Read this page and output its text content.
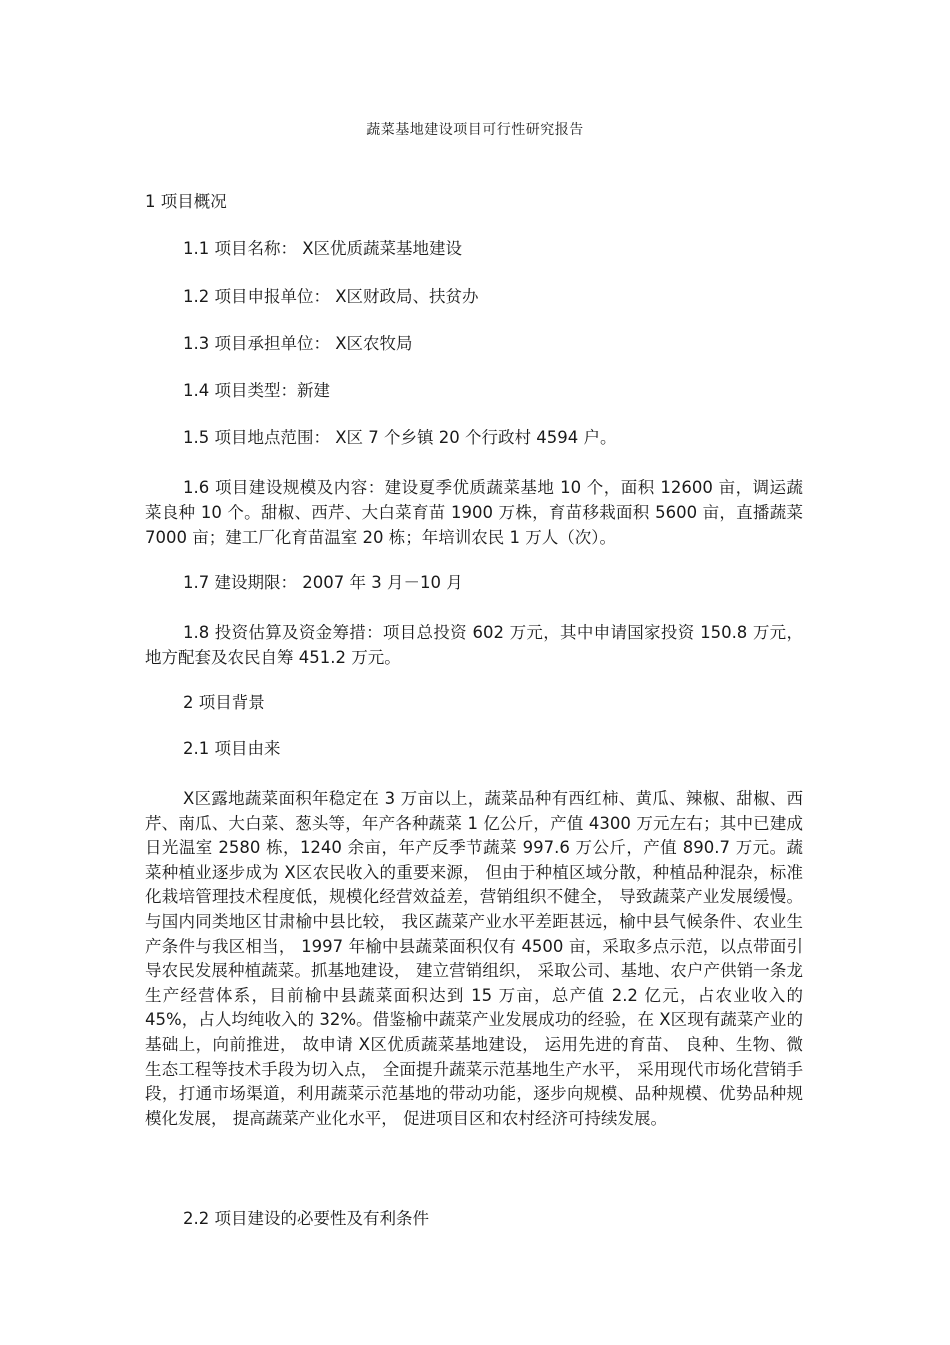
蔬菜基地建设项目可行性研究报告
1 项目概况
1.1 项目名称： X区优质蔬菜基地建设
1.2 项目申报单位： X区财政局、扶贫办
1.3 项目承担单位： X区农牧局
1.4 项目类型：新建
1.5 项目地点范围： X区 7 个乡镇 20 个行政村 4594 户。
1.6 项目建设规模及内容：建设夏季优质蔬菜基地 10 个，面积 12600 亩，调运蔬菜良种 10 个。甜椒、西芹、大白菜育苗 1900 万株，育苗移栽面积 5600 亩，直播蔬菜 7000 亩；建工厂化育苗温室 20 栋；年培训农民 1 万人（次）。
1.7 建设期限： 2007 年 3 月－10 月
1.8 投资估算及资金筹措：项目总投资 602 万元，其中申请国家投资 150.8 万元，地方配套及农民自筹 451.2 万元。
2 项目背景
2.1 项目由来
X区露地蔬菜面积年稳定在 3 万亩以上，蔬菜品种有西红柿、黄瓜、辣椒、甜椒、西芹、南瓜、大白菜、葱头等，年产各种蔬菜 1 亿公斤，产值 4300 万元左右；其中已建成日光温室 2580 栋，1240 余亩，年产反季节蔬菜 997.6 万公斤，产值 890.7 万元。蔬菜种植业逐步成为 X区农民收入的重要来源， 但由于种植区域分散，种植品种混杂，标准化栽培管理技术程度低，规模化经营效益差，营销组织不健全， 导致蔬菜产业发展缓慢。 与国内同类地区甘肃榆中县比较， 我区蔬菜产业水平差距甚远，榆中县气候条件、农业生产条件与我区相当， 1997 年榆中县蔬菜面积仅有 4500 亩，采取多点示范，以点带面引导农民发展种植蔬菜。抓基地建设， 建立营销组织， 采取公司、基地、农户产供销一条龙生产经营体系，目前榆中县蔬菜面积达到 15 万亩，总产值 2.2 亿元，占农业收入的 45%，占人均纯收入的 32%。借鉴榆中蔬菜产业发展成功的经验，在 X区现有蔬菜产业的基础上，向前推进， 故申请 X区优质蔬菜基地建设， 运用先进的育苗、 良种、生物、微生态工程等技术手段为切入点， 全面提升蔬菜示范基地生产水平， 采用现代市场化营销手段，打通市场渠道，利用蔬菜示范基地的带动功能，逐步向规模、品种规模、优势品种规模化发展， 提高蔬菜产业化水平， 促进项目区和农村经济可持续发展。
2.2 项目建设的必要性及有利条件
